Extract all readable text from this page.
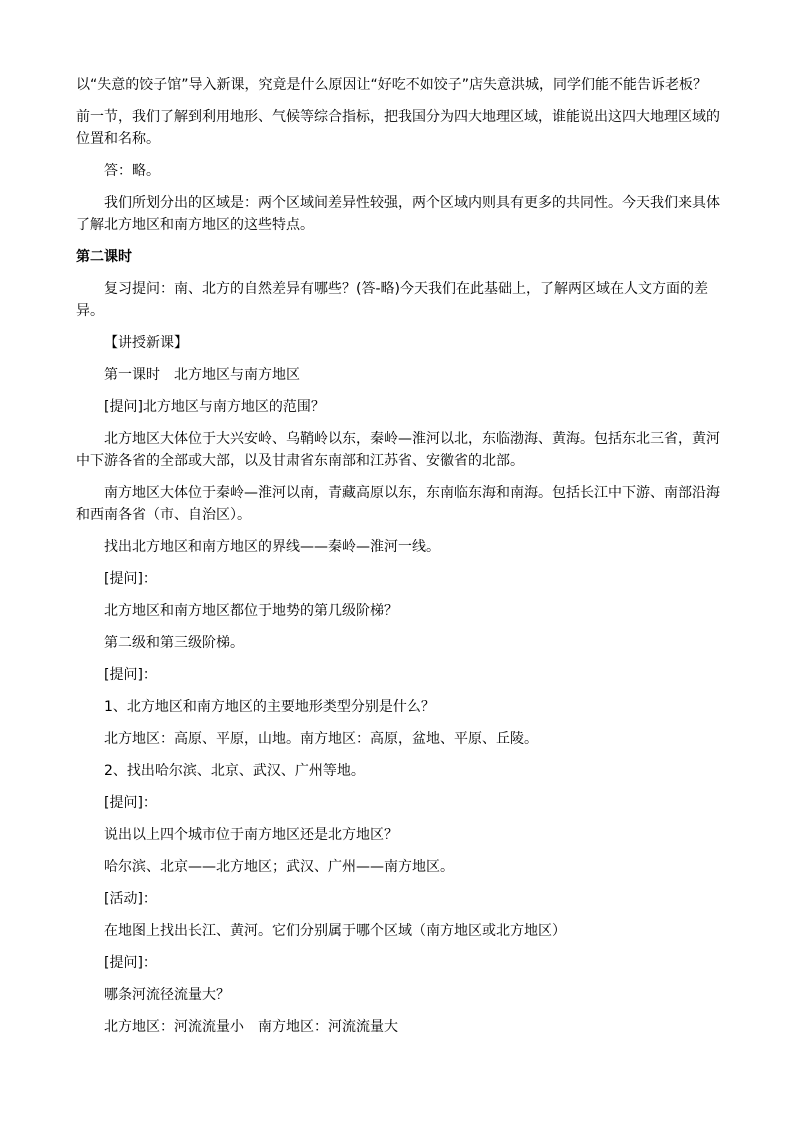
以“失意的饺子馆”导入新课，究竟是什么原因让“好吃不如饺子”店失意洪城，同学们能不能告诉老板？

前一节，我们了解到利用地形、气候等综合指标，把我国分为四大地理区域，谁能说出这四大地理区域的位置和名称。

答：略。

我们所划分出的区域是：两个区域间差异性较强，两个区域内则具有更多的共同性。今天我们来具体了解北方地区和南方地区的这些特点。

第二课时

复习提问：南、北方的自然差异有哪些？(答-略)今天我们在此基础上，了解两区域在人文方面的差异。

【讲授新课】

第一课时　北方地区与南方地区

[提问]北方地区与南方地区的范围？

北方地区大体位于大兴安岭、乌鞘岭以东，秦岭—淮河以北，东临渤海、黄海。包括东北三省，黄河中下游各省的全部或大部，以及甘肃省东南部和江苏省、安徽省的北部。

南方地区大体位于秦岭—淮河以南，青藏高原以东，东南临东海和南海。包括长江中下游、南部沿海和西南各省（市、自治区）。

找出北方地区和南方地区的界线——秦岭—淮河一线。

[提问]：

北方地区和南方地区都位于地势的第几级阶梯？

第二级和第三级阶梯。

[提问]：

1、北方地区和南方地区的主要地形类型分别是什么？

北方地区：高原、平原，山地。南方地区：高原，盆地、平原、丘陵。

2、找出哈尔滨、北京、武汉、广州等地。

[提问]：

说出以上四个城市位于南方地区还是北方地区？

哈尔滨、北京——北方地区；武汉、广州——南方地区。

[活动]：

在地图上找出长江、黄河。它们分别属于哪个区域（南方地区或北方地区）

[提问]：

哪条河流径流量大？

北方地区：河流流量小　南方地区：河流流量大
